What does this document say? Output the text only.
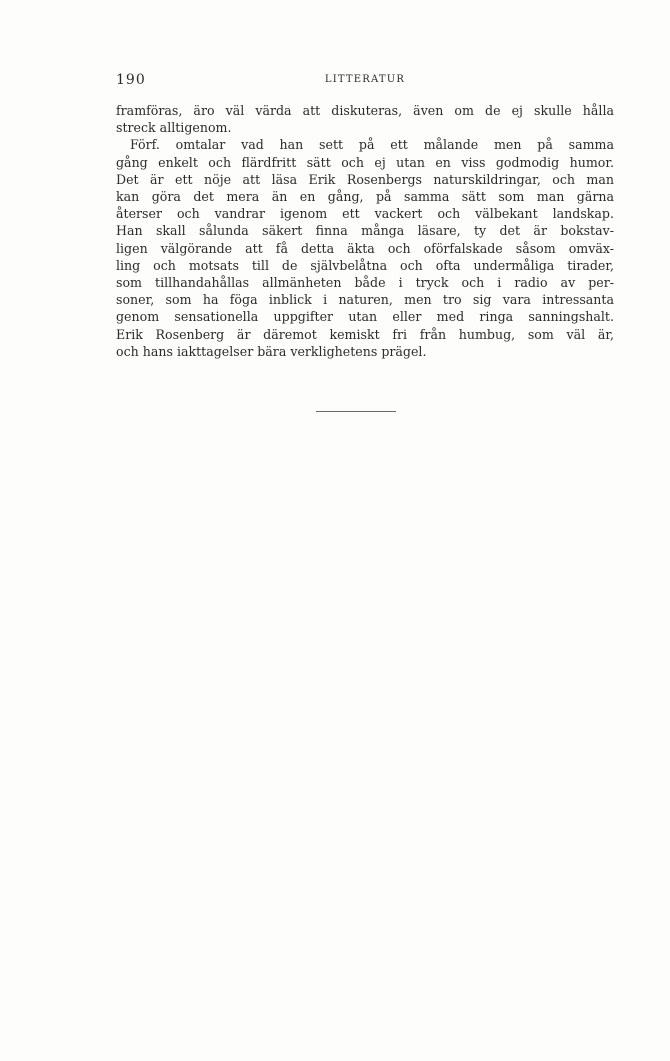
190	LITTERATUR
framföras, äro väl värda att diskuteras, även om de ej skulle hålla
streck alltigenom.
Förf. omtalar vad han sett på ett målande men på samma
gång enkelt och flärdfritt sätt och ej utan en viss godmodig humor.
Det är ett nöje att läsa Erik Rosenbergs naturskildringar, och man
kan göra det mera än en gång, på samma sätt som man gärna
återser och vandrar igenom ett vackert och välbekant landskap.
Han skall sålunda säkert finna många läsare, ty det är bokstav-
ligen välgörande att få detta äkta och oförfalskade såsom omväx-
ling och motsats till de självbelåtna och ofta undermåliga tirader,
som tillhandahållas allmänheten både i tryck och i radio av per-
soner, som ha föga inblick i naturen, men tro sig vara intressanta
genom sensationella uppgifter utan eller med ringa sanningshalt.
Erik Rosenberg är däremot kemiskt fri från humbug, som väl är,
och hans iakttagelser bära verklighetens prägel.
